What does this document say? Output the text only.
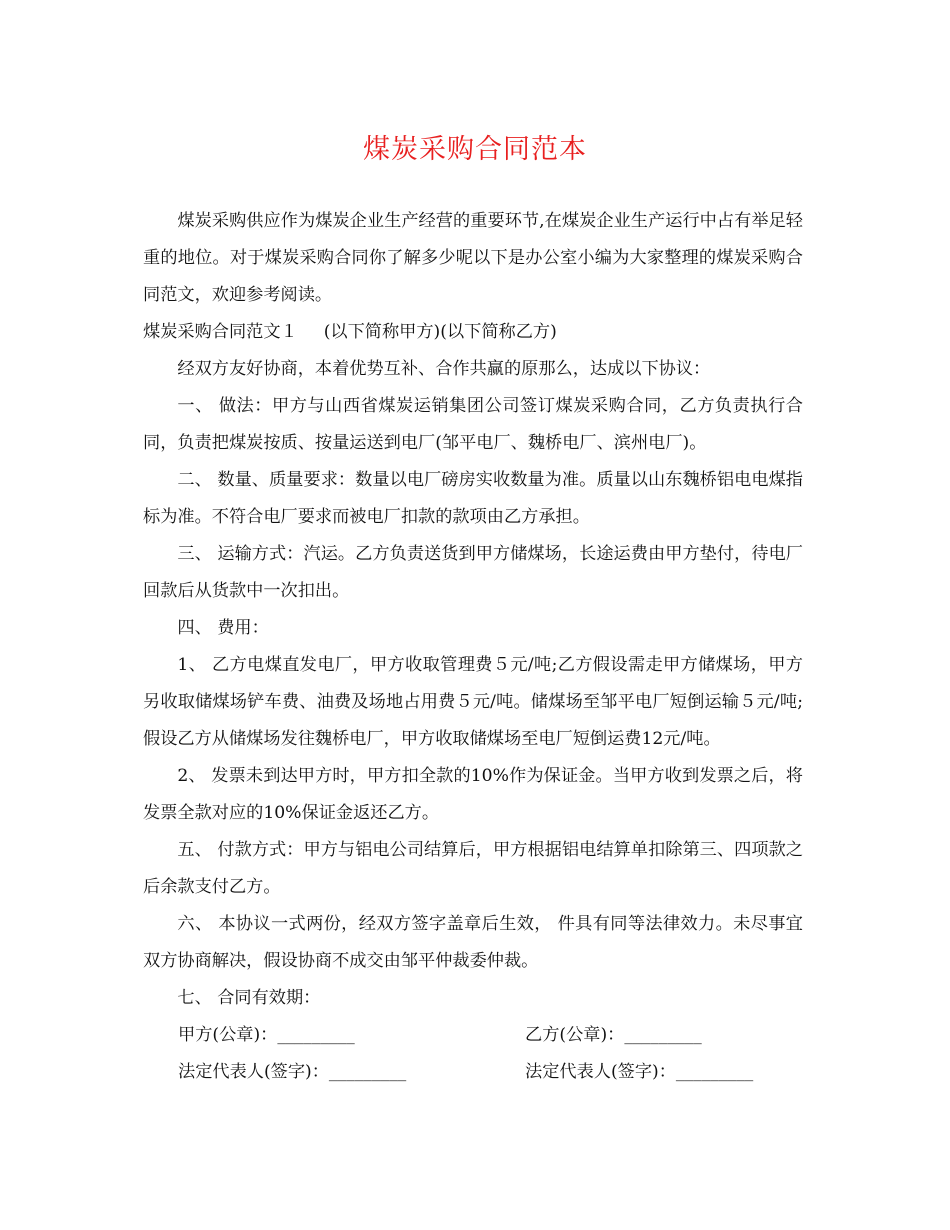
煤炭采购合同范本

煤炭采购供应作为煤炭企业生产经营的重要环节,在煤炭企业生产运行中占有举足轻重的地位。对于煤炭采购合同你了解多少呢以下是办公室小编为大家整理的煤炭采购合同范文，欢迎参考阅读。

煤炭采购合同范文１ (以下简称甲方)(以下简称乙方)

经双方友好协商，本着优势互补、合作共赢的原那么，达成以下协议：

一、 做法：甲方与山西省煤炭运销集团公司签订煤炭采购合同，乙方负责执行合同，负责把煤炭按质、按量运送到电厂(邹平电厂、魏桥电厂、滨州电厂)。

二、 数量、质量要求：数量以电厂磅房实收数量为准。质量以山东魏桥铝电电煤指标为准。不符合电厂要求而被电厂扣款的款项由乙方承担。

三、 运输方式：汽运。乙方负责送货到甲方储煤场，长途运费由甲方垫付，待电厂回款后从货款中一次扣出。

四、 费用：

1、 乙方电煤直发电厂，甲方收取管理费５元/吨;乙方假设需走甲方储煤场，甲方另收取储煤场铲车费、油费及场地占用费５元/吨。储煤场至邹平电厂短倒运输５元/吨;假设乙方从储煤场发往魏桥电厂，甲方收取储煤场至电厂短倒运费12元/吨。

2、 发票未到达甲方时，甲方扣全款的10%作为保证金。当甲方收到发票之后，将发票全款对应的10%保证金返还乙方。

五、 付款方式：甲方与铝电公司结算后，甲方根据铝电结算单扣除第三、四项款之后余款支付乙方。

六、 本协议一式两份，经双方签字盖章后生效， 件具有同等法律效力。未尽事宜双方协商解决，假设协商不成交由邹平仲裁委仲裁。

七、 合同有效期：

甲方(公章)：_________	乙方(公章)：_________
法定代表人(签字)：_________	法定代表人(签字)：_________
